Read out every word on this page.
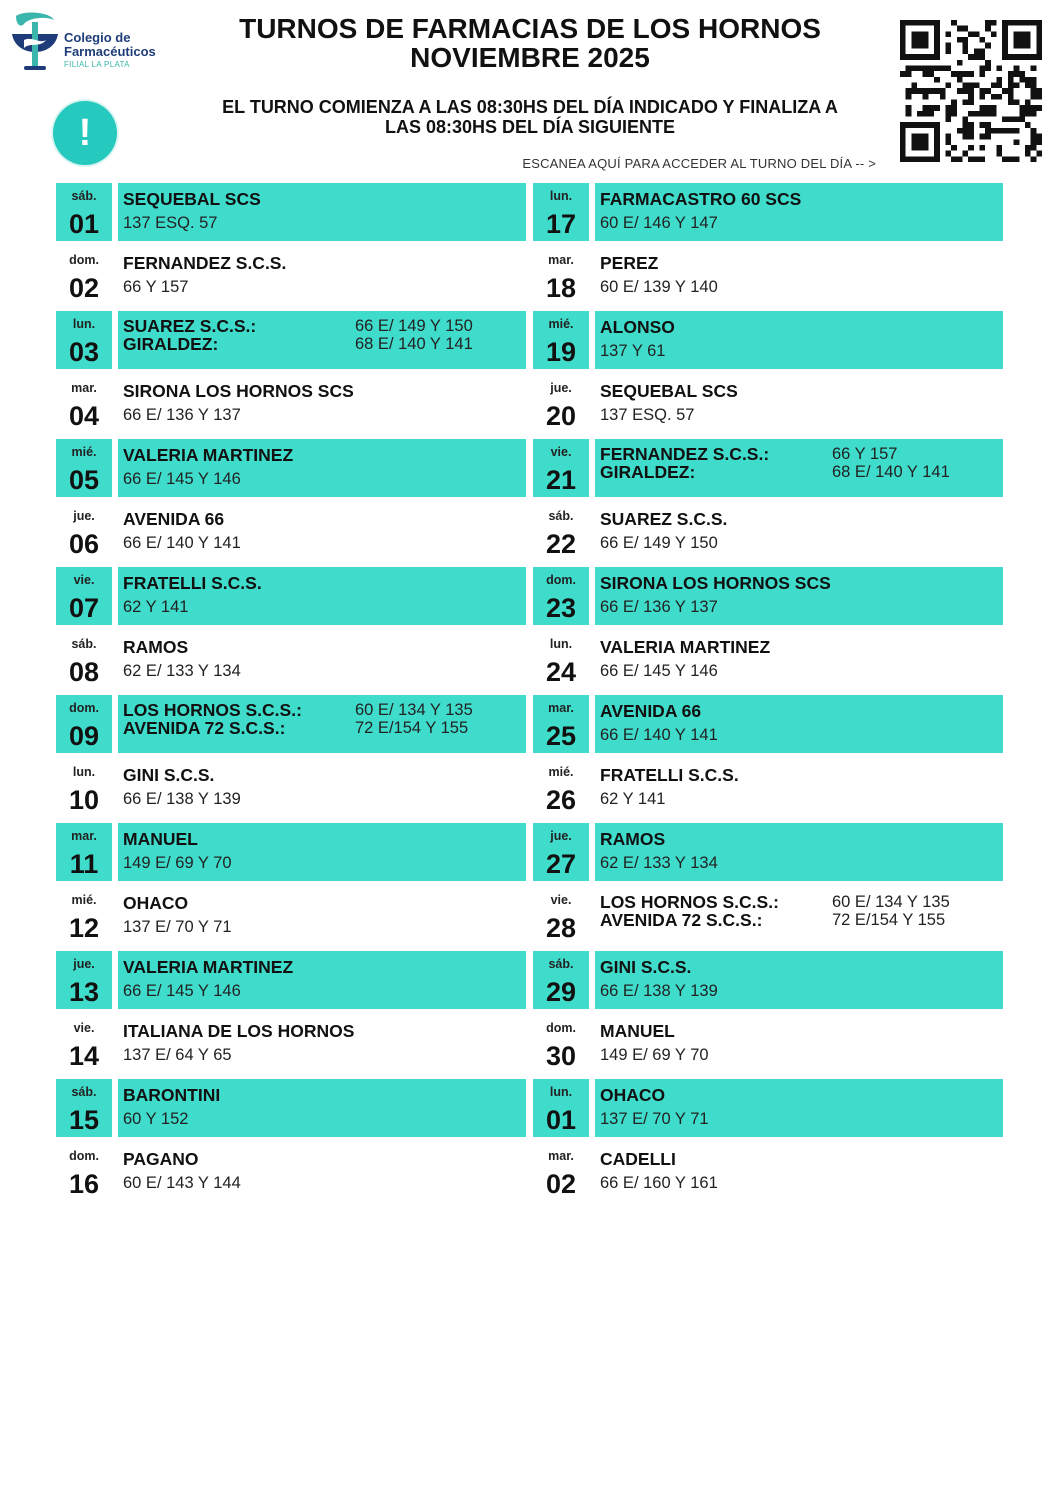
Colegio de
Farmacéuticos
FILIAL LA PLATA
TURNOS DE FARMACIAS DE LOS HORNOS
NOVIEMBRE 2025
!
EL TURNO COMIENZA A LAS 08:30HS DEL DÍA INDICADO Y FINALIZA A
LAS 08:30HS DEL DÍA SIGUIENTE
ESCANEA AQUÍ PARA ACCEDER AL TURNO DEL DÍA -- >
sáb.
01
SEQUEBAL SCS
137 ESQ. 57
dom.
02
FERNANDEZ S.C.S.
66 Y 157
lun.
03
SUAREZ S.C.S.:	66 E/ 149 Y 150
GIRALDEZ:	68 E/ 140 Y 141
mar.
04
SIRONA LOS HORNOS SCS
66 E/ 136 Y 137
mié.
05
VALERIA MARTINEZ
66 E/ 145 Y 146
jue.
06
AVENIDA 66
66 E/ 140 Y 141
vie.
07
FRATELLI S.C.S.
62 Y 141
sáb.
08
RAMOS
62 E/ 133 Y 134
dom.
09
LOS HORNOS S.C.S.:	60 E/ 134 Y 135
AVENIDA 72 S.C.S.:	72 E/154 Y 155
lun.
10
GINI S.C.S.
66 E/ 138 Y 139
mar.
11
MANUEL
149 E/ 69 Y 70
mié.
12
OHACO
137 E/ 70 Y 71
jue.
13
VALERIA MARTINEZ
66 E/ 145 Y 146
vie.
14
ITALIANA DE LOS HORNOS
137 E/ 64 Y 65
sáb.
15
BARONTINI
60 Y 152
dom.
16
PAGANO
60 E/ 143 Y 144
lun.
17
FARMACASTRO 60 SCS
60 E/ 146 Y 147
mar.
18
PEREZ
60 E/ 139 Y 140
mié.
19
ALONSO
137 Y 61
jue.
20
SEQUEBAL SCS
137 ESQ. 57
vie.
21
FERNANDEZ S.C.S.:	66 Y 157
GIRALDEZ:	68 E/ 140 Y 141
sáb.
22
SUAREZ S.C.S.
66 E/ 149 Y 150
dom.
23
SIRONA LOS HORNOS SCS
66 E/ 136 Y 137
lun.
24
VALERIA MARTINEZ
66 E/ 145 Y 146
mar.
25
AVENIDA 66
66 E/ 140 Y 141
mié.
26
FRATELLI S.C.S.
62 Y 141
jue.
27
RAMOS
62 E/ 133 Y 134
vie.
28
LOS HORNOS S.C.S.:	60 E/ 134 Y 135
AVENIDA 72 S.C.S.:	72 E/154 Y 155
sáb.
29
GINI S.C.S.
66 E/ 138 Y 139
dom.
30
MANUEL
149 E/ 69 Y 70
lun.
01
OHACO
137 E/ 70 Y 71
mar.
02
CADELLI
66 E/ 160 Y 161
